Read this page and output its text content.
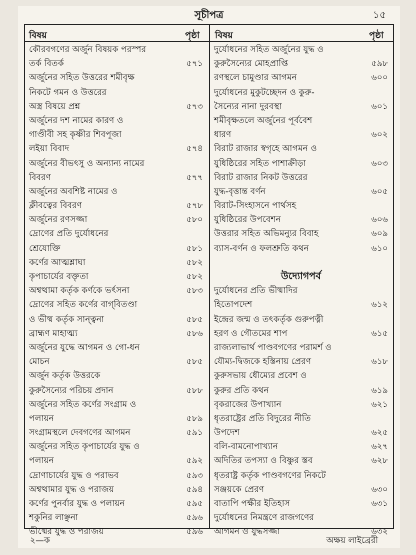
সূচীপত্র	১৫
বিষয়	পৃষ্ঠা বিষয়	পৃষ্ঠা
কৌরবগণের অর্জুন বিষয়ক পরস্পর
তর্ক বিতর্ক	৫৭১
অর্জুনের সহিত উত্তরের শমীবৃক্ষ
নিকটে গমন ও উত্তরের
অস্ত্র বিষয়ে প্রশ্ন	৫৭৩
অর্জুনের দশ নামের কারণ ও
গাণ্ডীবী সহ কৃষ্ণীর শিবপূজা
লইয়া বিবাদ	৫৭৪
অর্জুনের বীভৎসু ও অন্যান্য নামের
বিবরণ	৫৭৭
অর্জুনের অবশিষ্ট নামের ও
ক্লীবত্বের বিবরণ	৫৭৮
অর্জুনের রণসজ্জা	৫৮০
দ্রোণের প্রতি দুর্যোধনের
শ্রেযোক্তি	৫৮১
কর্ণের আত্মশ্লাঘা	৫৮২
কৃপাচার্যের বক্তৃতা	৫৮২
অশ্বত্থামা কর্তৃক কর্ণকে ভর্ৎসনা	৫৮৩
দ্রোণের সহিত কর্ণের বাগ্‌বিতণ্ডা
ও ভীষ্ম কর্তৃক সান্ত্বনা	৫৮৫
ব্রাহ্মণ মাহাত্ম্য	৫৮৬
অর্জুনের যুদ্ধে আগমন ও গো-ধন
মোচন	৫৮৫
অর্জুন কর্তৃক উত্তরকে
কুরুসৈন্যের পরিচয় প্রদান	৫৮৮
অর্জুনের সহিত কর্ণের সংগ্রাম ও
পলায়ন	৫৮৯
সংগ্রামস্থলে দেবগণের আগমন	৫৯১
অর্জুনের সহিত কৃপাচার্যের যুদ্ধ ও
পলায়ন	৫৯২
দ্রোণাচার্যের যুদ্ধ ও পরাভব	৫৯৩
অশ্বত্থামার যুদ্ধ ও পরাজয়	৫৯৪
কর্ণের পুনর্বার যুদ্ধ ও পলায়ন	৫৯৫
শকুনির লাঞ্ছনা	৫৯৬
ভীষ্মের যুদ্ধ ও পরাজয়	৫৯৬
দুর্যোধনের সহিত অর্জুনের যুদ্ধ ও
কুরুসৈন্যের মোহপ্রাপ্তি	৫৯৮
রণস্থলে চামুণ্ডার আগমন	৬০০
দুর্যোধনের মুকুটচ্ছেদন ও কুরু-
সৈন্যের নানা দুরবস্থা	৬০১
শমীবৃক্ষতলে অর্জুনের পূর্ববেশ
ধারণ	৬০২
বিরাট রাজার স্বগৃহে আগমন ও
যুধিষ্ঠিরের সহিত পাশাক্রীড়া	৬০৩
বিরাট রাজার নিকট উত্তরের
যুদ্ধ-বৃত্তান্ত বর্ণন	৬০৫
বিরাট-সিংহাসনে পার্থসহ
যুধিষ্ঠিরের উপবেশন	৬০৬
উত্তরার সহিত অভিমন্যুর বিবাহ	৬০৯
ব্যাস-বর্ণন ও ফলশ্রুতি কথন	৬১০
উদ্যোগপর্ব
দুর্যোধনের প্রতি ভীষ্মাদির
হিতোপদেশ	৬১২
ইন্দ্রের জন্ম ও তৎকর্তৃক গুরুপত্নী
হরণ ও গৌতমের শাপ	৬১৫
রাজ্যলাভার্থ পাণ্ডবগণের পরামর্শ ও
যৌম্য-দ্বিজকে হস্তিনায় প্রেরণ	৬১৮
কুরুসভায় ধৌম্যের প্রবেশ ও
কুরুর প্রতি কথন	৬১৯
বৃকরাজের উপাখ্যান	৬২১
ধৃতরাষ্ট্রের প্রতি বিদুরের নীতি
উপদেশ	৬২৫
বলি-বামনোপাখ্যান	৬২৭
অদিতির তপস্যা ও বিষ্ণুর স্তব	৬২৮
ধৃতরাষ্ট্র কর্তৃক পাণ্ডবগণের নিকটে
সঞ্জয়কে প্রেরণ	৬৩০
বাতাপি পক্ষীর ইতিহাস	৬৩১
দুর্যোধনের নিমন্ত্রণে রাজগণের
আগমন ও যুদ্ধসজ্জা	৬৩২
২—ক	অক্ষয় লাইব্রেরী
